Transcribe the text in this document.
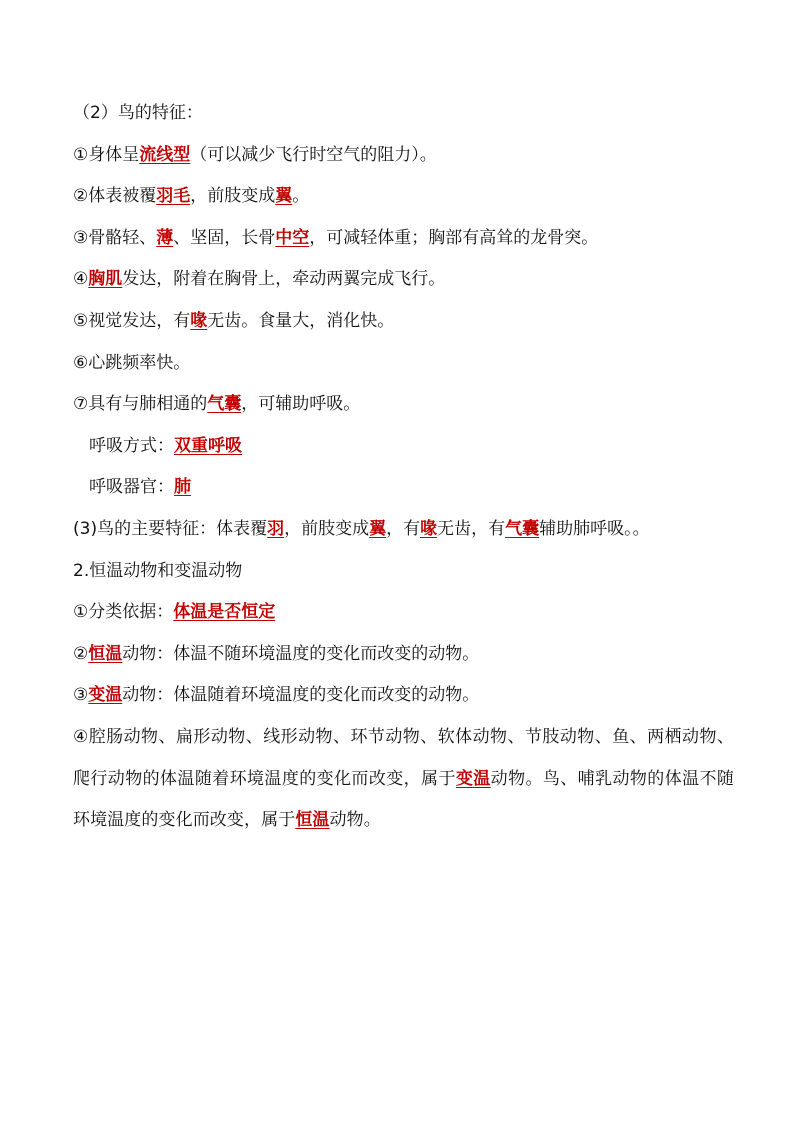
（2）鸟的特征：
①身体呈流线型（可以减少飞行时空气的阻力）。
②体表被覆羽毛，前肢变成翼。
③骨骼轻、薄、坚固，长骨中空，可减轻体重；胸部有高耸的龙骨突。
④胸肌发达，附着在胸骨上，牵动两翼完成飞行。
⑤视觉发达，有喙无齿。食量大，消化快。
⑥心跳频率快。
⑦具有与肺相通的气囊，可辅助呼吸。
呼吸方式：双重呼吸
呼吸器官：肺
(3)鸟的主要特征：体表覆羽，前肢变成翼，有喙无齿，有气囊辅助肺呼吸。。
2.恒温动物和变温动物
①分类依据：体温是否恒定
②恒温动物：体温不随环境温度的变化而改变的动物。
③变温动物：体温随着环境温度的变化而改变的动物。
④腔肠动物、扁形动物、线形动物、环节动物、软体动物、节肢动物、鱼、两栖动物、爬行动物的体温随着环境温度的变化而改变，属于变温动物。鸟、哺乳动物的体温不随环境温度的变化而改变，属于恒温动物。
